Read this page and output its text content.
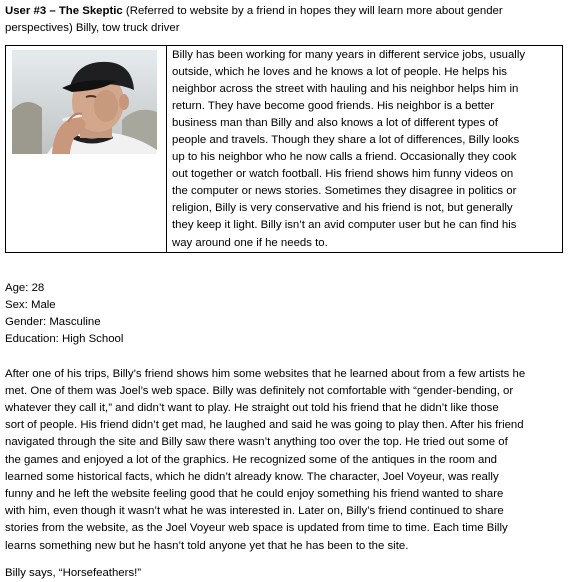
User #3 – The Skeptic (Referred to website by a friend in hopes they will learn more about gender
perspectives) Billy, tow truck driver

Billy has been working for many years in different service jobs, usually
outside, which he loves and he knows a lot of people. He helps his
neighbor across the street with hauling and his neighbor helps him in
return. They have become good friends. His neighbor is a better
business man than Billy and also knows a lot of different types of
people and travels. Though they share a lot of differences, Billy looks
up to his neighbor who he now calls a friend. Occasionally they cook
out together or watch football. His friend shows him funny videos on
the computer or news stories. Sometimes they disagree in politics or
religion, Billy is very conservative and his friend is not, but generally
they keep it light. Billy isn’t an avid computer user but he can find his
way around one if he needs to.
Age: 28
Sex: Male
Gender: Masculine
Education: High School
After one of his trips, Billy’s friend shows him some websites that he learned about from a few artists he
met. One of them was Joel’s web space. Billy was definitely not comfortable with “gender-bending, or
whatever they call it,” and didn’t want to play. He straight out told his friend that he didn’t like those
sort of people. His friend didn’t get mad, he laughed and said he was going to play then. After his friend
navigated through the site and Billy saw there wasn’t anything too over the top. He tried out some of
the games and enjoyed a lot of the graphics. He recognized some of the antiques in the room and
learned some historical facts, which he didn’t already know. The character, Joel Voyeur, was really
funny and he left the website feeling good that he could enjoy something his friend wanted to share
with him, even though it wasn’t what he was interested in. Later on, Billy’s friend continued to share
stories from the website, as the Joel Voyeur web space is updated from time to time. Each time Billy
learns something new but he hasn’t told anyone yet that he has been to the site.
Billy says, “Horsefeathers!”
